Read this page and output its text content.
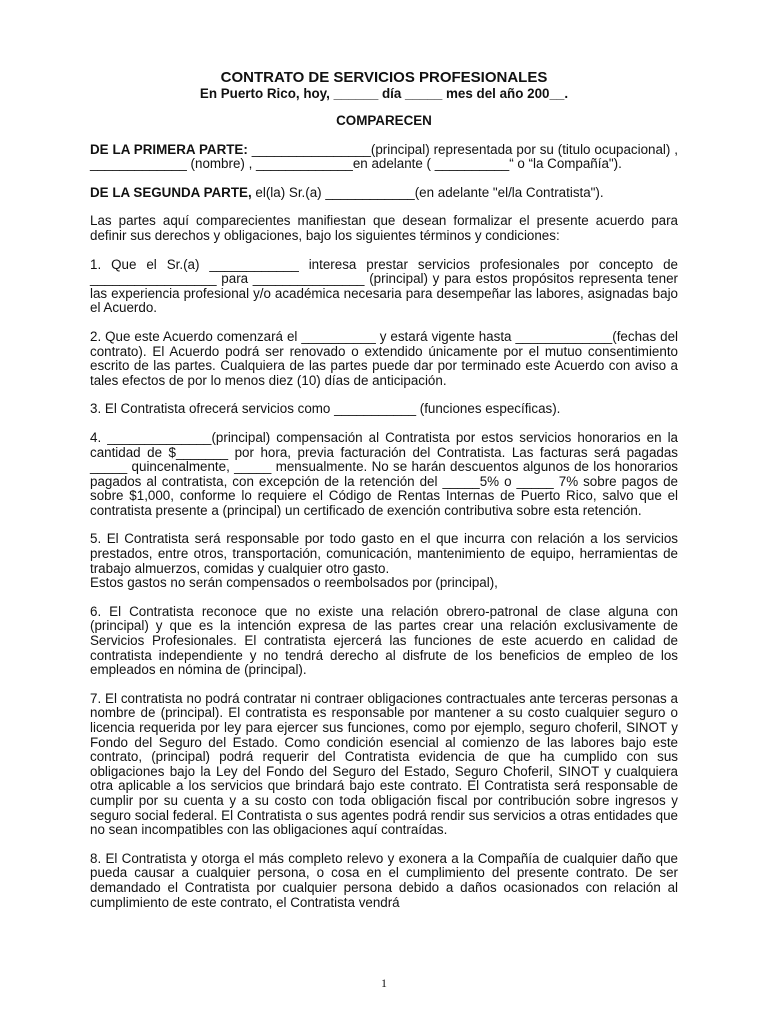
CONTRATO DE SERVICIOS PROFESIONALES
En Puerto Rico, hoy, ______ día _____ mes del año 200__.
COMPARECEN

DE LA PRIMERA PARTE: ________________(principal) representada por su (titulo ocupacional) , _____________ (nombre) , _____________en adelante ( __________“ o “la Compañía").

DE LA SEGUNDA PARTE, el(la) Sr.(a) ____________(en adelante "el/la Contratista").

Las partes aquí comparecientes manifiestan que desean formalizar el presente acuerdo para definir sus derechos y obligaciones, bajo los siguientes términos y condiciones:

1. Que el Sr.(a) ____________ interesa prestar servicios profesionales por concepto de _________________ para _______________ (principal) y para estos propósitos representa tener las experiencia profesional y/o académica necesaria para desempeñar las labores, asignadas bajo el Acuerdo.

2. Que este Acuerdo comenzará el __________ y estará vigente hasta _____________(fechas del contrato). El Acuerdo podrá ser renovado o extendido únicamente por el mutuo consentimiento escrito de las partes. Cualquiera de las partes puede dar por terminado este Acuerdo con aviso a tales efectos de por lo menos diez (10) días de anticipación.

3. El Contratista ofrecerá servicios como ___________ (funciones específicas).

4. ______________(principal) compensación al Contratista por estos servicios honorarios en la cantidad de $_______ por hora, previa facturación del Contratista. Las facturas será pagadas _____ quincenalmente, _____ mensualmente. No se harán descuentos algunos de los honorarios pagados al contratista, con excepción de la retención del _____5% o _____ 7% sobre pagos de sobre $1,000, conforme lo requiere el Código de Rentas Internas de Puerto Rico, salvo que el contratista presente a (principal) un certificado de exención contributiva sobre esta retención.

5. El Contratista será responsable por todo gasto en el que incurra con relación a los servicios prestados, entre otros, transportación, comunicación, mantenimiento de equipo, herramientas de trabajo almuerzos, comidas y cualquier otro gasto.

Estos gastos no serán compensados o reembolsados por (principal),

6. El Contratista reconoce que no existe una relación obrero-patronal de clase alguna con (principal) y que es la intención expresa de las partes crear una relación exclusivamente de Servicios Profesionales. El contratista ejercerá las funciones de este acuerdo en calidad de contratista independiente y no tendrá derecho al disfrute de los beneficios de empleo de los empleados en nómina de (principal).

7. El contratista no podrá contratar ni contraer obligaciones contractuales ante terceras personas a nombre de (principal). El contratista es responsable por mantener a su costo cualquier seguro o licencia requerida por ley para ejercer sus funciones, como por ejemplo, seguro choferil, SINOT y Fondo del Seguro del Estado. Como condición esencial al comienzo de las labores bajo este contrato, (principal) podrá requerir del Contratista evidencia de que ha cumplido con sus obligaciones bajo la Ley del Fondo del Seguro del Estado, Seguro Choferil, SINOT y cualquiera otra aplicable a los servicios que brindará bajo este contrato. El Contratista será responsable de cumplir por su cuenta y a su costo con toda obligación fiscal por contribución sobre ingresos y seguro social federal. El Contratista o sus agentes podrá rendir sus servicios a otras entidades que no sean incompatibles con las obligaciones aquí contraídas.

8. El Contratista y otorga el más completo relevo y exonera a la Compañía de cualquier daño que pueda causar a cualquier persona, o cosa en el cumplimiento del presente contrato. De ser demandado el Contratista por cualquier persona debido a daños ocasionados con relación al cumplimiento de este contrato, el Contratista vendrá

1
